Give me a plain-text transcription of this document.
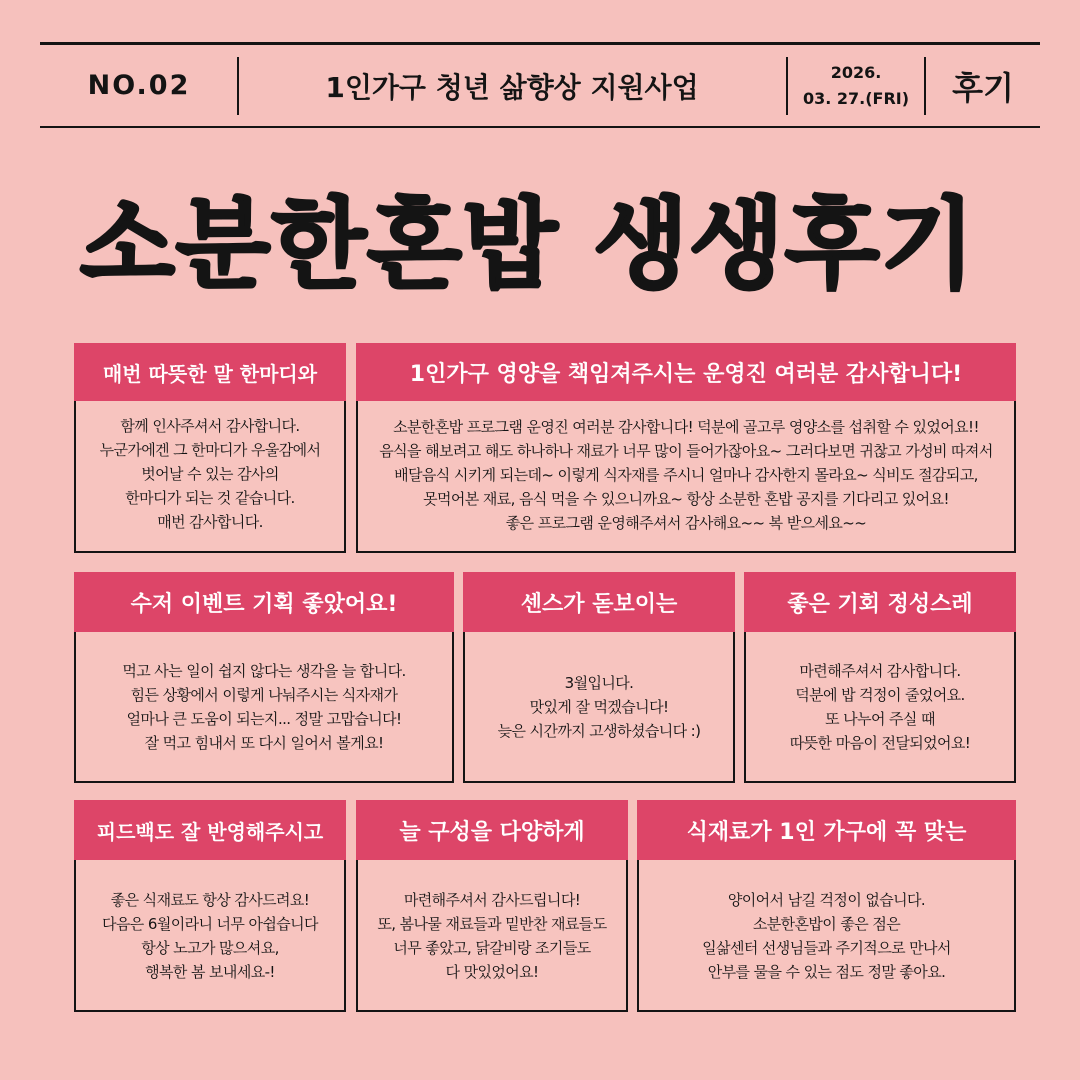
NO.02	1인가구 청년 삶향상 지원사업	2026.
03. 27.(FRI)	후기
소분한혼밥 생생후기
함께 인사주셔서 감사합니다.
누군가에겐 그 한마디가 우울감에서
벗어날 수 있는 감사의
한마디가 되는 것 같습니다.
매번 감사합니다.
매번 따뜻한 말 한마디와
소분한혼밥 프로그램 운영진 여러분 감사합니다! 덕분에 골고루 영양소를 섭취할 수 있었어요!!
음식을 해보려고 해도 하나하나 재료가 너무 많이 들어가잖아요~ 그러다보면 귀찮고 가성비 따져서
배달음식 시키게 되는데~ 이렇게 식자재를 주시니 얼마나 감사한지 몰라요~ 식비도 절감되고,
못먹어본 재료, 음식 먹을 수 있으니까요~ 항상 소분한 혼밥 공지를 기다리고 있어요!
좋은 프로그램 운영해주셔서 감사해요~~ 복 받으세요~~
1인가구 영양을 책임져주시는 운영진 여러분 감사합니다!
먹고 사는 일이 쉽지 않다는 생각을 늘 합니다.
힘든 상황에서 이렇게 나눠주시는 식자재가
얼마나 큰 도움이 되는지... 정말 고맙습니다!
잘 먹고 힘내서 또 다시 일어서 볼게요!
수저 이벤트 기획 좋았어요!
3월입니다.
맛있게 잘 먹겠습니다!
늦은 시간까지 고생하셨습니다 :)
센스가 돋보이는
마련해주셔서 감사합니다.
덕분에 밥 걱정이 줄었어요.
또 나누어 주실 때
따뜻한 마음이 전달되었어요!
좋은 기회 정성스레
좋은 식재료도 항상 감사드려요!
다음은 6월이라니 너무 아쉽습니다
항상 노고가 많으셔요,
행복한 봄 보내세요-!
피드백도 잘 반영해주시고
마련해주셔서 감사드립니다!
또, 봄나물 재료들과 밑반찬 재료들도
너무 좋았고, 닭갈비랑 조기들도
다 맛있었어요!
늘 구성을 다양하게
양이어서 남길 걱정이 없습니다.
소분한혼밥이 좋은 점은
일삶센터 선생님들과 주기적으로 만나서
안부를 물을 수 있는 점도 정말 좋아요.
식재료가 1인 가구에 꼭 맞는
